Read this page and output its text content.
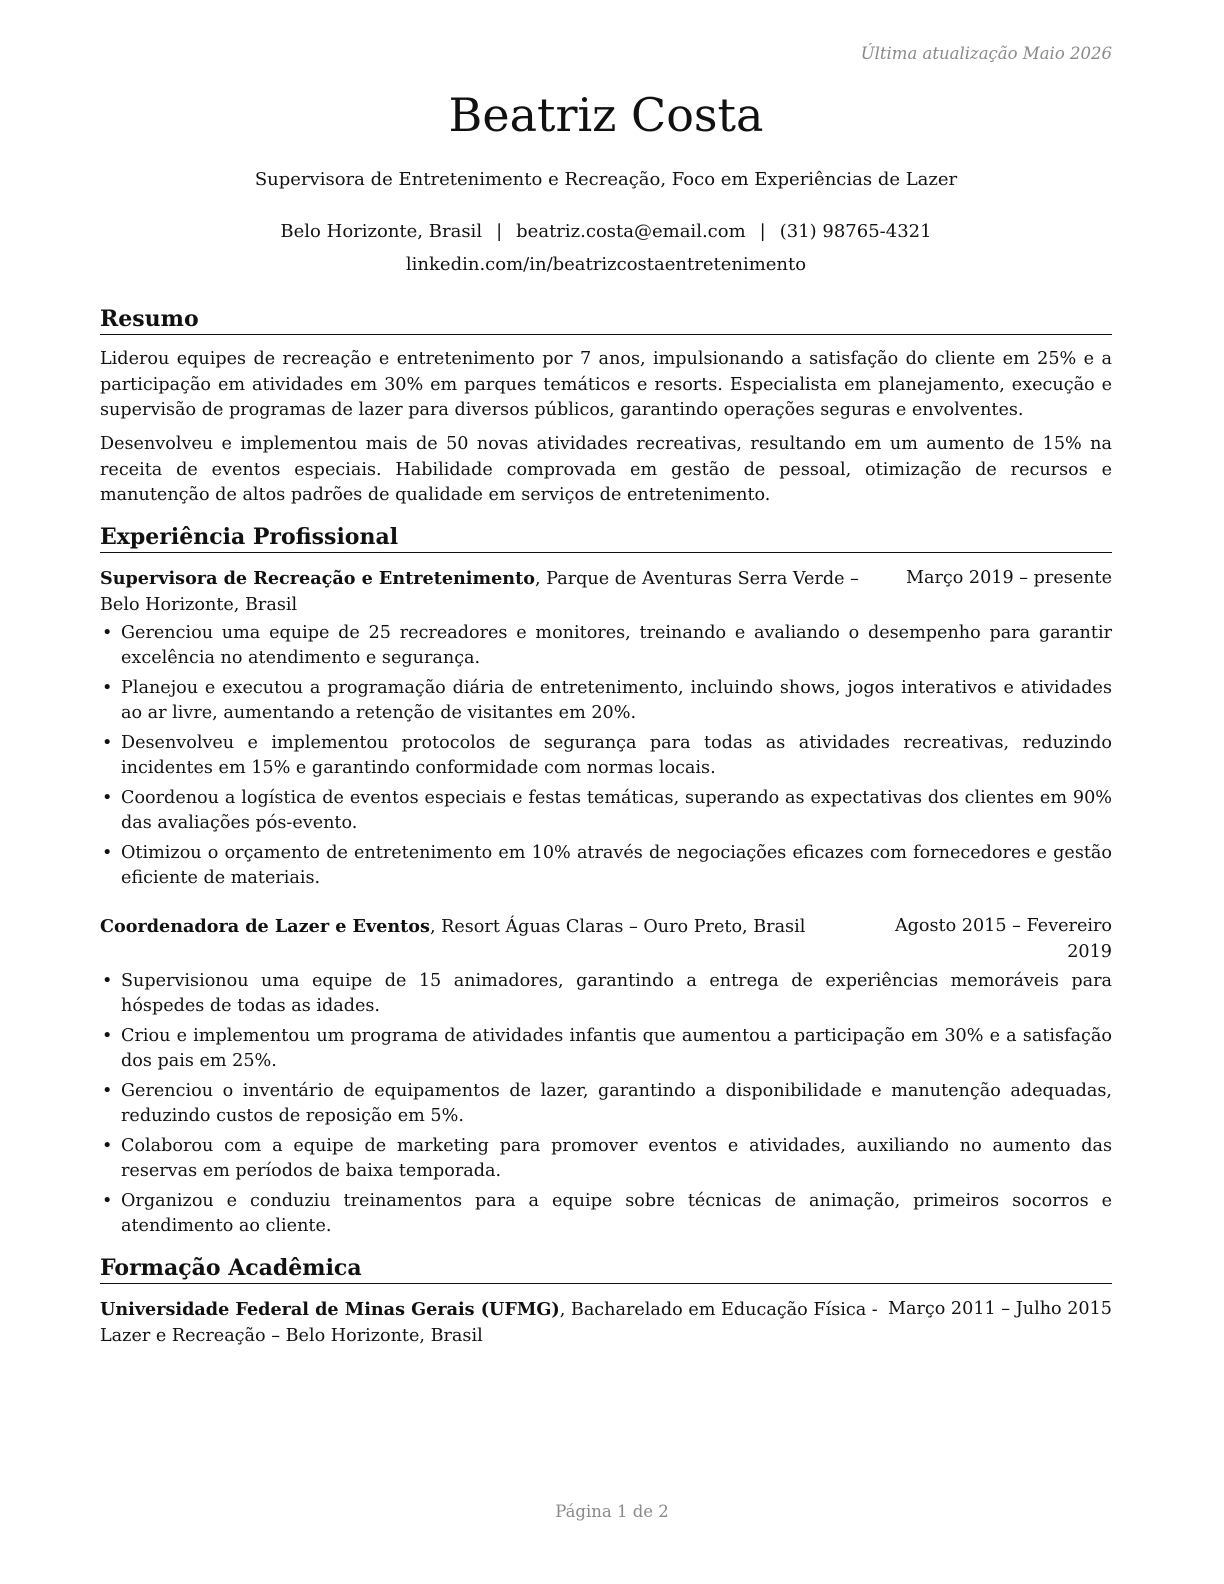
Última atualização Maio 2026
Beatriz Costa
Supervisora de Entretenimento e Recreação, Foco em Experiências de Lazer
Belo Horizonte, Brasil | beatriz.costa@email.com | (31) 98765-4321
linkedin.com/in/beatrizcostaentretenimento
Resumo
Liderou equipes de recreação e entretenimento por 7 anos, impulsionando a satisfação do cliente em 25% e a participação em atividades em 30% em parques temáticos e resorts. Especialista em planejamento, execução e supervisão de programas de lazer para diversos públicos, garantindo operações seguras e envolventes.
Desenvolveu e implementou mais de 50 novas atividades recreativas, resultando em um aumento de 15% na receita de eventos especiais. Habilidade comprovada em gestão de pessoal, otimização de recursos e manutenção de altos padrões de qualidade em serviços de entretenimento.
Experiência Profissional
Supervisora de Recreação e Entretenimento, Parque de Aventuras Serra Verde – Belo Horizonte, Brasil
Março 2019 – presente
• Gerenciou uma equipe de 25 recreadores e monitores, treinando e avaliando o desempenho para garantir excelência no atendimento e segurança.
• Planejou e executou a programação diária de entretenimento, incluindo shows, jogos interativos e atividades ao ar livre, aumentando a retenção de visitantes em 20%.
• Desenvolveu e implementou protocolos de segurança para todas as atividades recreativas, reduzindo incidentes em 15% e garantindo conformidade com normas locais.
• Coordenou a logística de eventos especiais e festas temáticas, superando as expectativas dos clientes em 90% das avaliações pós-evento.
• Otimizou o orçamento de entretenimento em 10% através de negociações eficazes com fornecedores e gestão eficiente de materiais.
Coordenadora de Lazer e Eventos, Resort Águas Claras – Ouro Preto, Brasil	Agosto 2015 – Fevereiro 2019
• Supervisionou uma equipe de 15 animadores, garantindo a entrega de experiências memoráveis para hóspedes de todas as idades.
• Criou e implementou um programa de atividades infantis que aumentou a participação em 30% e a satisfação dos pais em 25%.
• Gerenciou o inventário de equipamentos de lazer, garantindo a disponibilidade e manutenção adequadas, reduzindo custos de reposição em 5%.
• Colaborou com a equipe de marketing para promover eventos e atividades, auxiliando no aumento das reservas em períodos de baixa temporada.
• Organizou e conduziu treinamentos para a equipe sobre técnicas de animação, primeiros socorros e atendimento ao cliente.
Formação Acadêmica
Universidade Federal de Minas Gerais (UFMG), Bacharelado em Educação Física - Lazer e Recreação – Belo Horizonte, Brasil
Março 2011 – Julho 2015
Página 1 de 2
